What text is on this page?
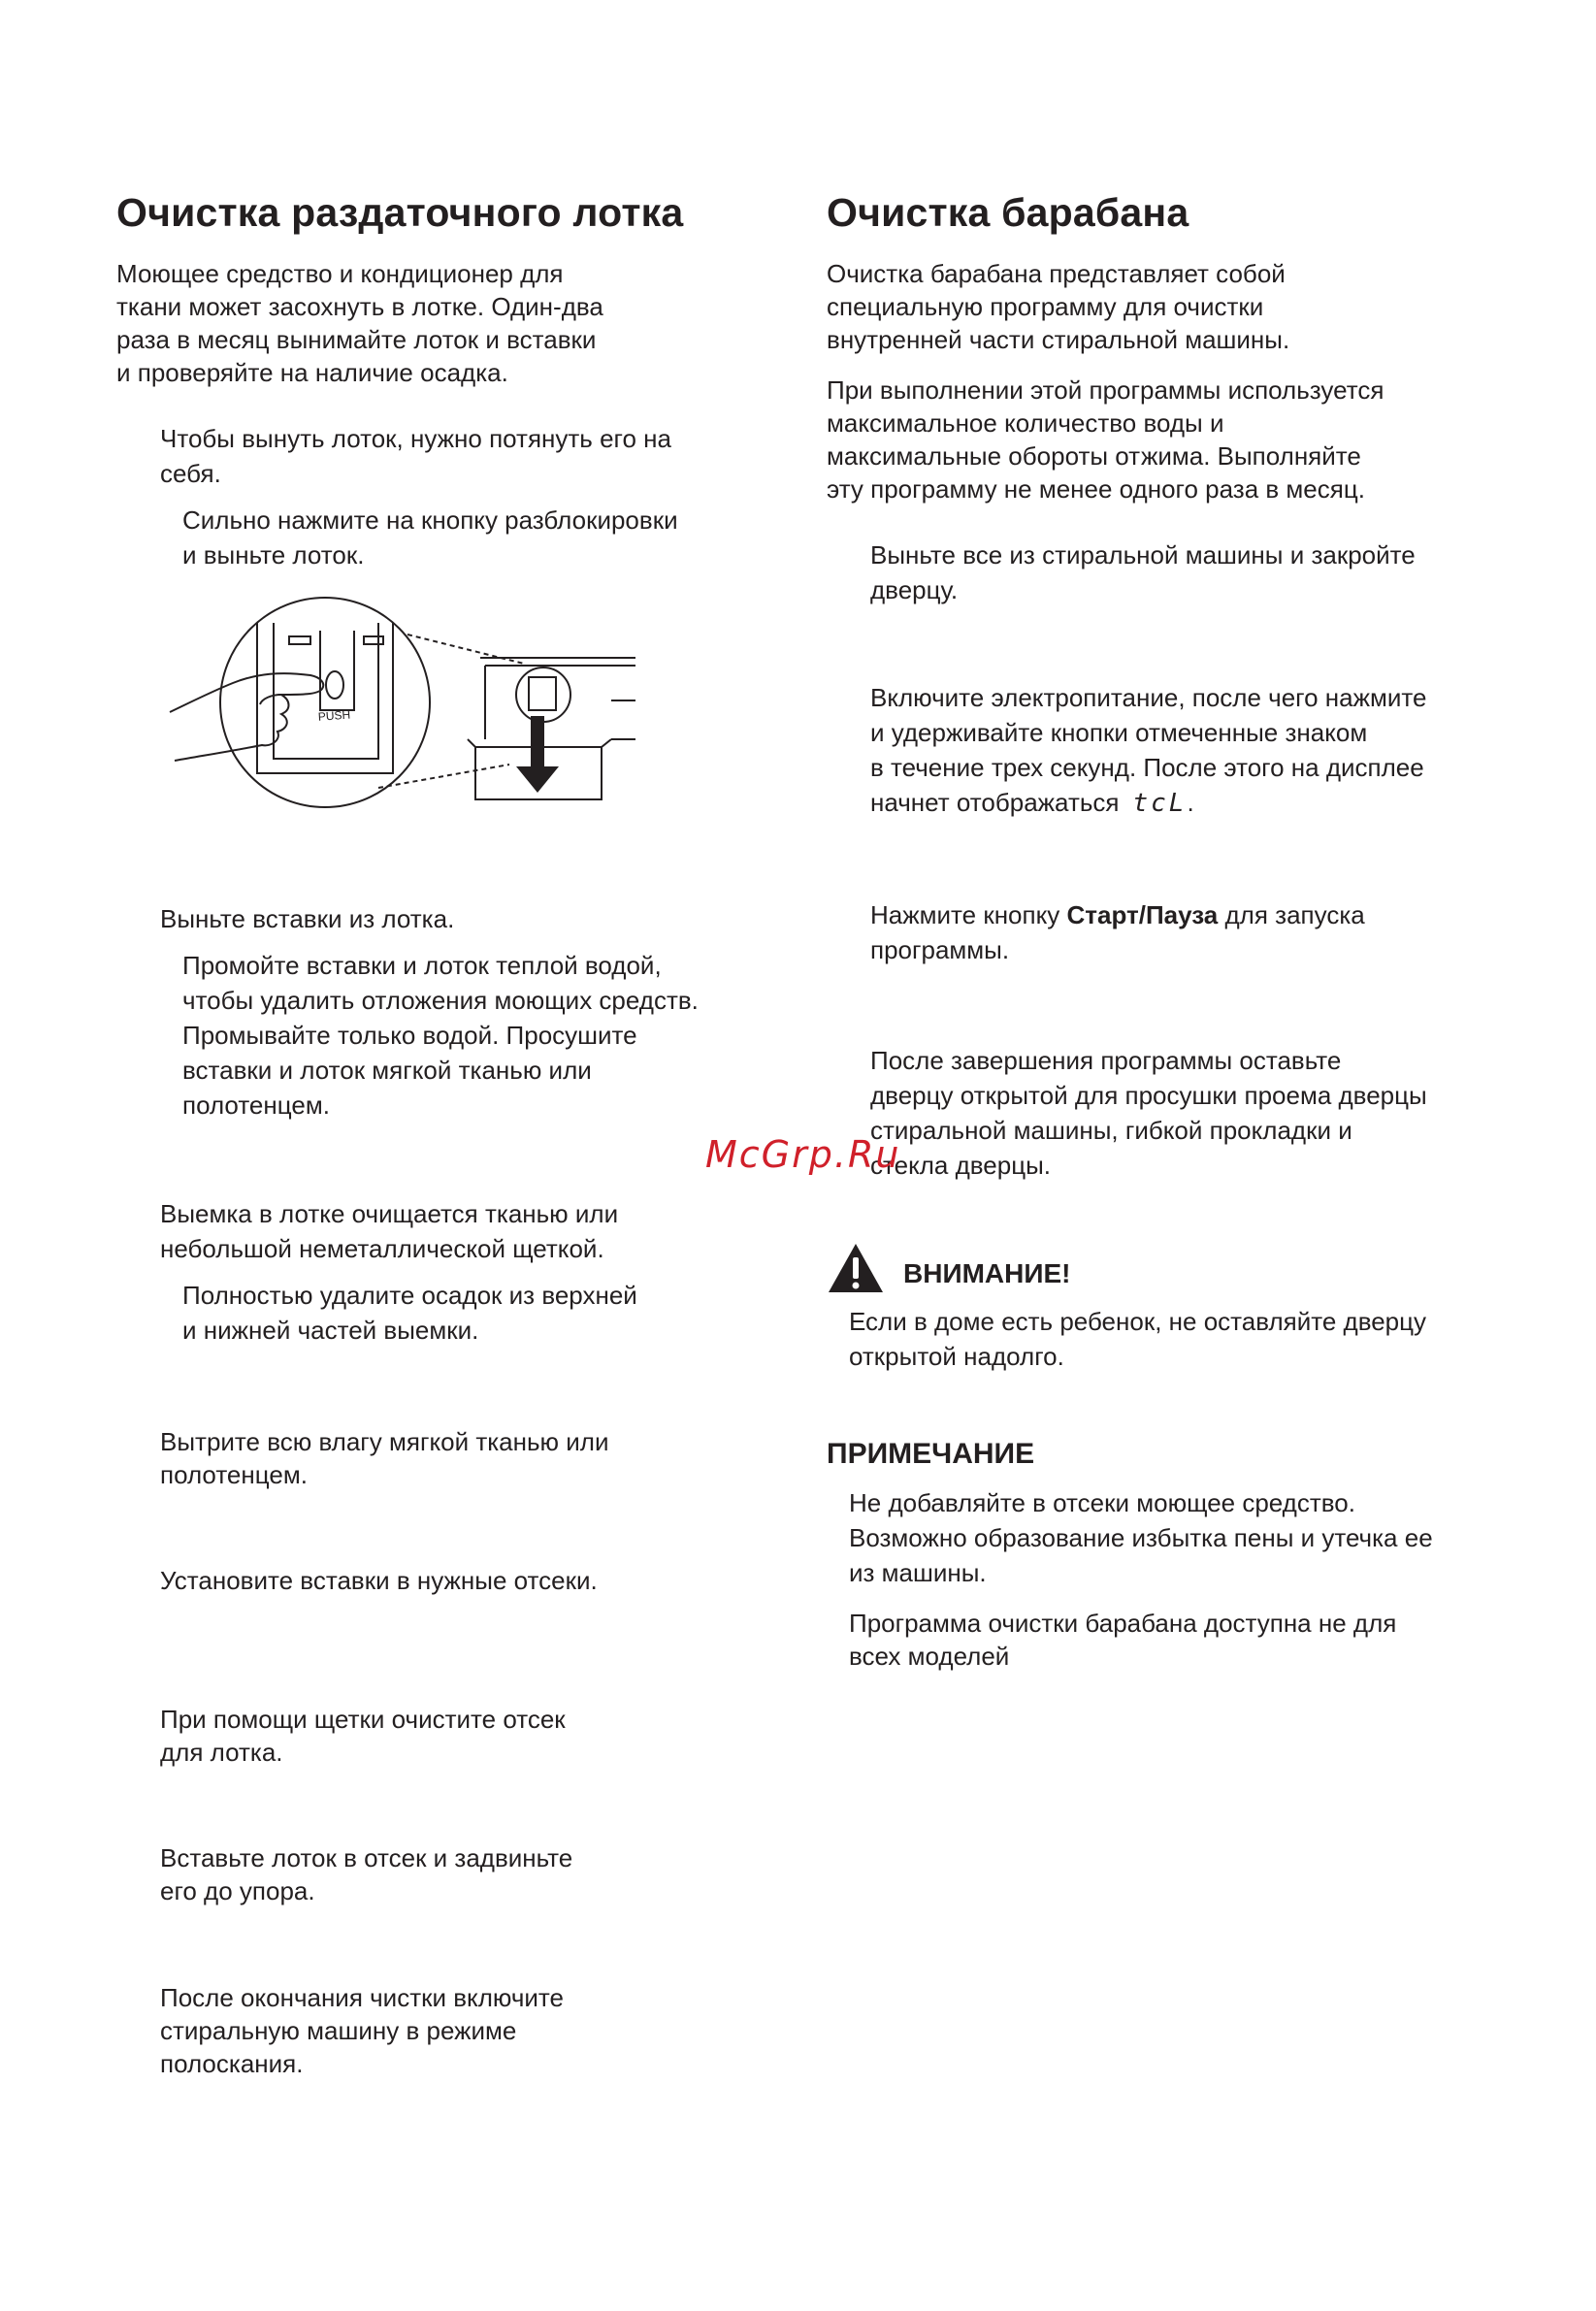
Очистка раздаточного лотка

Моющее средство и кондиционер для

ткани может засохнуть в лотке. Один-два

раза в месяц вынимайте лоток и вставки

и проверяйте на наличие осадка.

Чтобы вынуть лоток, нужно потянуть его на

себя.

Сильно нажмите на кнопку разблокировки

и выньте лоток.

PUSH

Выньте вставки из лотка.

Промойте вставки и лоток теплой водой,

чтобы удалить отложения моющих средств.

Промывайте только водой. Просушите

вставки и лоток мягкой тканью или

полотенцем.

Выемка в лотке очищается тканью или

небольшой неметаллической щеткой.

Полностью удалите осадок из верхней

и нижней частей выемки.

Вытрите всю влагу мягкой тканью или

полотенцем.

Установите вставки в нужные отсеки.

При помощи щетки очистите отсек

для лотка.

Вставьте лоток в отсек и задвиньте

его до упора.

После окончания чистки включите

стиральную машину в режиме

полоскания.

Очистка барабана

Очистка барабана представляет собой

специальную программу для очистки

внутренней части стиральной машины.

При выполнении этой программы используется

максимальное количество воды и

максимальные обороты отжима. Выполняйте

эту программу не менее одного раза в месяц.

Выньте все из стиральной машины и закройте

дверцу.

Включите электропитание, после чего нажмите

и удерживайте кнопки отмеченные знаком

в течение трех секунд. После этого на дисплее

начнет отображаться tcL.

Нажмите кнопку Старт/Пауза для запуска

программы.

После завершения программы оставьте

дверцу открытой для просушки проема дверцы

стиральной машины, гибкой прокладки и

стекла дверцы.

ВНИМАНИЕ!

Если в доме есть ребенок, не оставляйте дверцу

открытой надолго.

ПРИМЕЧАНИЕ

Не добавляйте в отсеки моющее средство.

Возможно образование избытка пены и утечка ее

из машины.

Программа очистки барабана доступна не для

всех моделей

McGrp.Ru
